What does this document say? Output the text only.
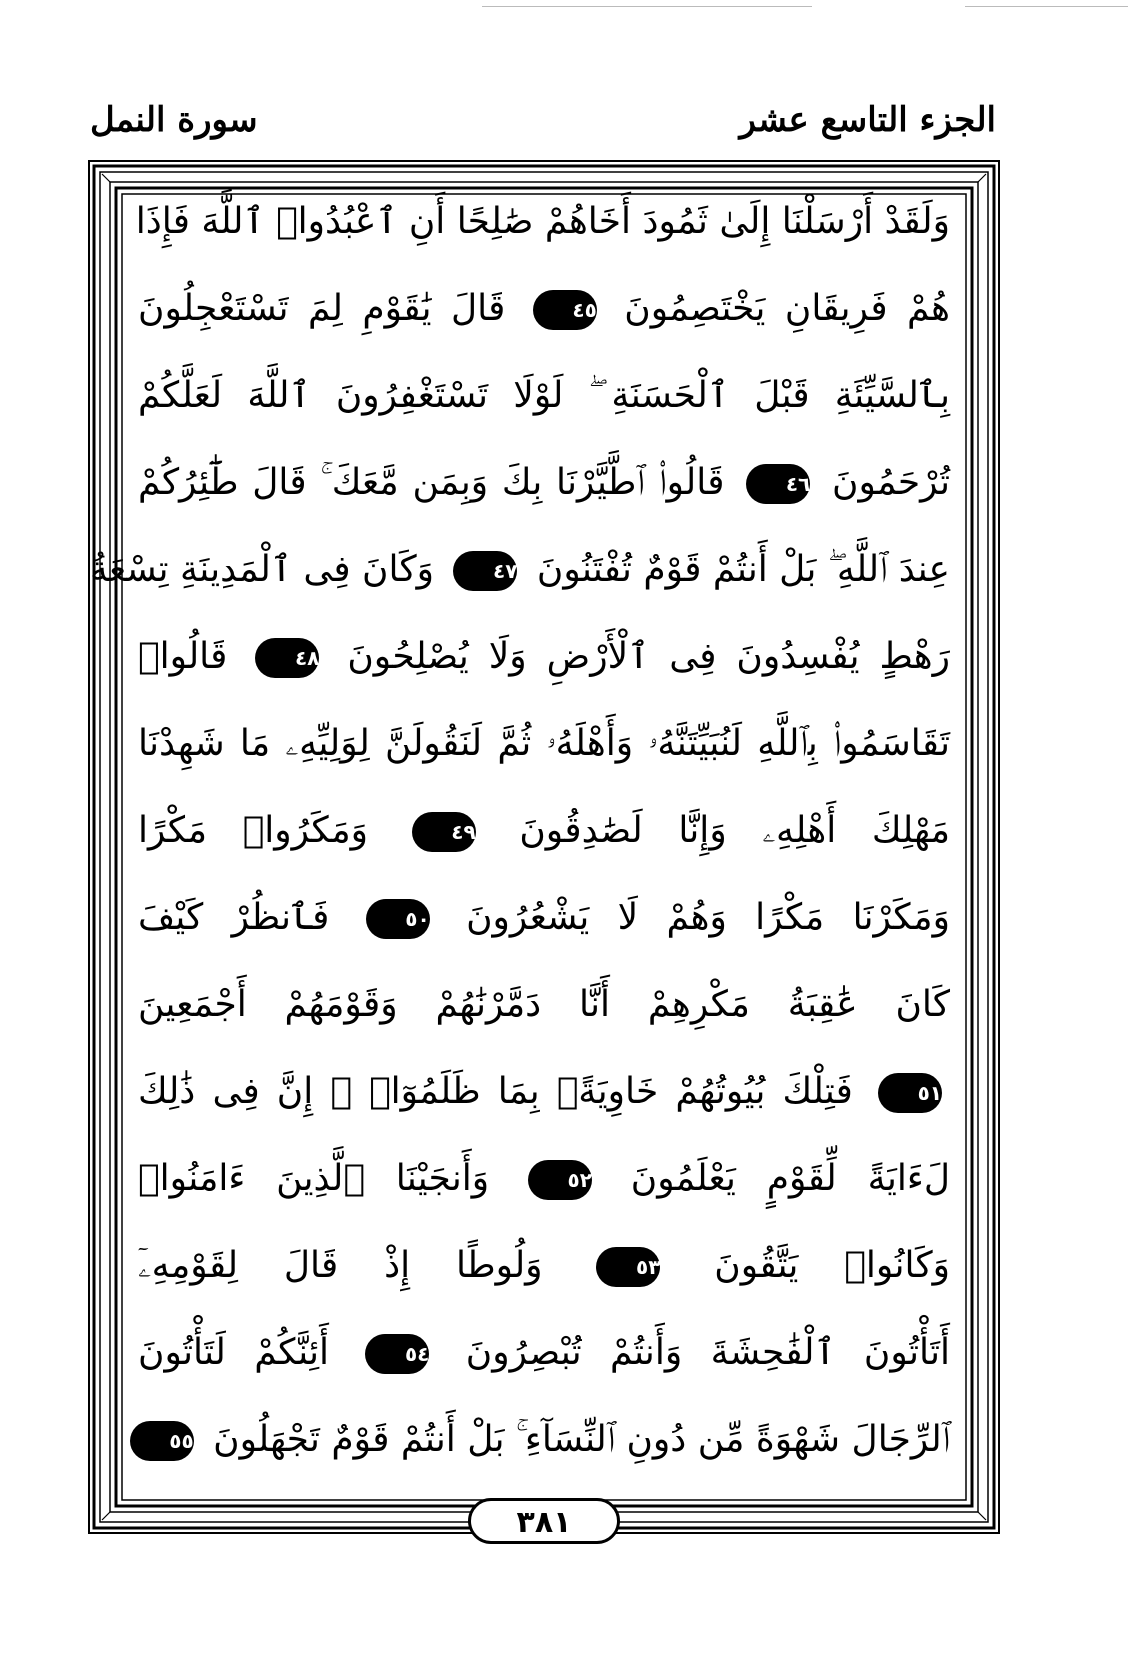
الجزء التاسع عشر
سورة النمل
وَلَقَدْ أَرْسَلْنَا إِلَىٰ ثَمُودَ أَخَاهُمْ صَٰلِحًا أَنِ ٱعْبُدُوا۟ ٱللَّهَ فَإِذَا
هُمْ فَرِيقَانِ يَخْتَصِمُونَ ٤٥ قَالَ يَٰقَوْمِ لِمَ تَسْتَعْجِلُونَ
بِٱلسَّيِّئَةِ قَبْلَ ٱلْحَسَنَةِ ۖ لَوْلَا تَسْتَغْفِرُونَ ٱللَّهَ لَعَلَّكُمْ
تُرْحَمُونَ ٤٦ قَالُوا۟ ٱطَّيَّرْنَا بِكَ وَبِمَن مَّعَكَ ۚ قَالَ طَٰٓئِرُكُمْ
عِندَ ٱللَّهِ ۖ بَلْ أَنتُمْ قَوْمٌ تُفْتَنُونَ ٤٧ وَكَانَ فِى ٱلْمَدِينَةِ تِسْعَةُ
رَهْطٍ يُفْسِدُونَ فِى ٱلْأَرْضِ وَلَا يُصْلِحُونَ ٤٨ قَالُوا۟
تَقَاسَمُوا۟ بِٱللَّهِ لَنُبَيِّتَنَّهُۥ وَأَهْلَهُۥ ثُمَّ لَنَقُولَنَّ لِوَلِيِّهِۦ مَا شَهِدْنَا
مَهْلِكَ أَهْلِهِۦ وَإِنَّا لَصَٰدِقُونَ ٤٩ وَمَكَرُوا۟ مَكْرًا
وَمَكَرْنَا مَكْرًا وَهُمْ لَا يَشْعُرُونَ ٥٠ فَٱنظُرْ كَيْفَ
كَانَ عَٰقِبَةُ مَكْرِهِمْ أَنَّا دَمَّرْنَٰهُمْ وَقَوْمَهُمْ أَجْمَعِينَ
٥١ فَتِلْكَ بُيُوتُهُمْ خَاوِيَةًۢ بِمَا ظَلَمُوٓا۟ ۗ إِنَّ فِى ذَٰلِكَ
لَءَايَةً لِّقَوْمٍ يَعْلَمُونَ ٥٢ وَأَنجَيْنَا ٱلَّذِينَ ءَامَنُوا۟
وَكَانُوا۟ يَتَّقُونَ ٥٣ وَلُوطًا إِذْ قَالَ لِقَوْمِهِۦٓ
أَتَأْتُونَ ٱلْفَٰحِشَةَ وَأَنتُمْ تُبْصِرُونَ ٥٤ أَئِنَّكُمْ لَتَأْتُونَ
ٱلرِّجَالَ شَهْوَةً مِّن دُونِ ٱلنِّسَآءِ ۚ بَلْ أَنتُمْ قَوْمٌ تَجْهَلُونَ ٥٥
٣٨١
